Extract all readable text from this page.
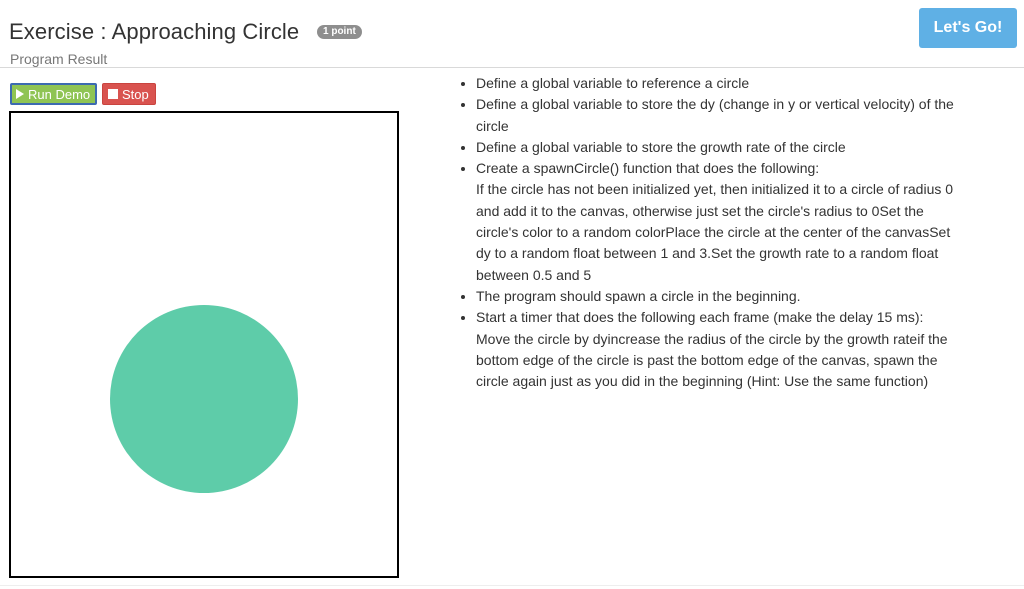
Exercise : Approaching Circle	1 point	Let's Go!
Program Result
Run Demo Stop
• Define a global variable to reference a circle
• Define a global variable to store the dy (change in y or vertical velocity) of the circle
• Define a global variable to store the growth rate of the circle
• Create a spawnCircle() function that does the following:
If the circle has not been initialized yet, then initialized it to a circle of radius 0 and add it to the canvas, otherwise just set the circle's radius to 0Set the circle's color to a random colorPlace the circle at the center of the canvasSet dy to a random float between 1 and 3.Set the growth rate to a random float between 0.5 and 5
• The program should spawn a circle in the beginning.
• Start a timer that does the following each frame (make the delay 15 ms):
Move the circle by dyincrease the radius of the circle by the growth rateif the bottom edge of the circle is past the bottom edge of the canvas, spawn the circle again just as you did in the beginning (Hint: Use the same function)
